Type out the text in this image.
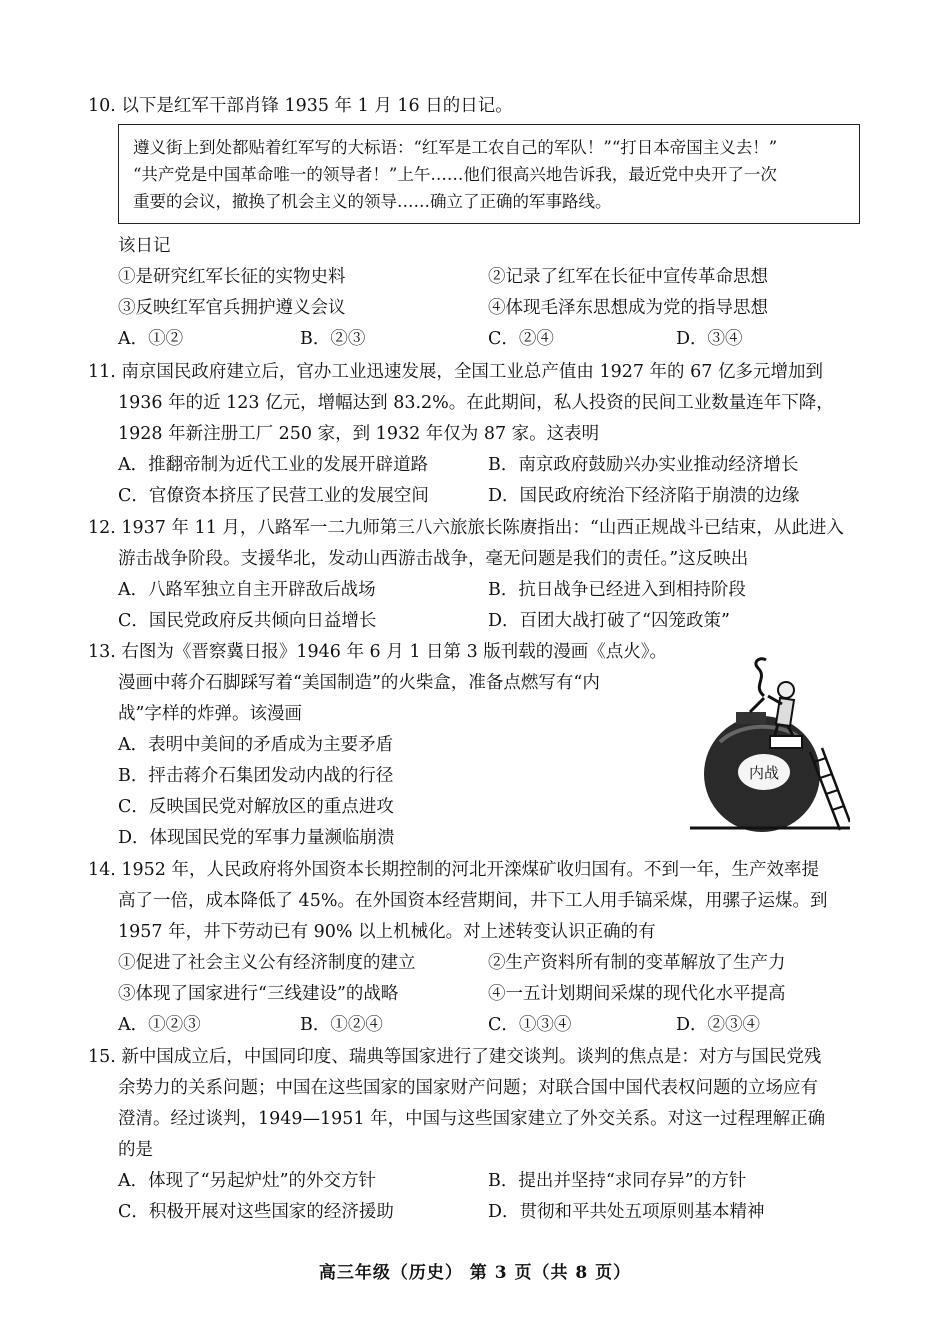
10. 以下是红军干部肖锋 1935 年 1 月 16 日的日记。
遵义街上到处都贴着红军写的大标语：“红军是工农自己的军队！”“打日本帝国主义去！”
“共产党是中国革命唯一的领导者！”上午……他们很高兴地告诉我，最近党中央开了一次
重要的会议，撤换了机会主义的领导……确立了正确的军事路线。
该日记
①是研究红军长征的实物史料	②记录了红军在长征中宣传革命思想
③反映红军官兵拥护遵义会议	④体现毛泽东思想成为党的指导思想
A．①②	B．②③	C．②④	D．③④
11. 南京国民政府建立后，官办工业迅速发展，全国工业总产值由 1927 年的 67 亿多元增加到
1936 年的近 123 亿元，增幅达到 83.2%。在此期间，私人投资的民间工业数量连年下降，
1928 年新注册工厂 250 家，到 1932 年仅为 87 家。这表明
A．推翻帝制为近代工业的发展开辟道路	B．南京政府鼓励兴办实业推动经济增长
C．官僚资本挤压了民营工业的发展空间	D．国民政府统治下经济陷于崩溃的边缘
12. 1937 年 11 月，八路军一二九师第三八六旅旅长陈赓指出：“山西正规战斗已结束，从此进入
游击战争阶段。支援华北，发动山西游击战争，毫无问题是我们的责任。”这反映出
A．八路军独立自主开辟敌后战场	B．抗日战争已经进入到相持阶段
C．国民党政府反共倾向日益增长	D．百团大战打破了“囚笼政策”
13. 右图为《晋察冀日报》1946 年 6 月 1 日第 3 版刊载的漫画《点火》。
漫画中蒋介石脚踩写着“美国制造”的火柴盒，准备点燃写有“内
战”字样的炸弹。该漫画
A．表明中美间的矛盾成为主要矛盾
B．抨击蒋介石集团发动内战的行径
C．反映国民党对解放区的重点进攻
D．体现国民党的军事力量濒临崩溃
内战
14. 1952 年，人民政府将外国资本长期控制的河北开滦煤矿收归国有。不到一年，生产效率提
高了一倍，成本降低了 45%。在外国资本经营期间，井下工人用手镐采煤，用骡子运煤。到
1957 年，井下劳动已有 90% 以上机械化。对上述转变认识正确的有
①促进了社会主义公有经济制度的建立	②生产资料所有制的变革解放了生产力
③体现了国家进行“三线建设”的战略	④一五计划期间采煤的现代化水平提高
A．①②③	B．①②④	C．①③④	D．②③④
15. 新中国成立后，中国同印度、瑞典等国家进行了建交谈判。谈判的焦点是：对方与国民党残
余势力的关系问题；中国在这些国家的国家财产问题；对联合国中国代表权问题的立场应有
澄清。经过谈判，1949—1951 年，中国与这些国家建立了外交关系。对这一过程理解正确
的是
A．体现了“另起炉灶”的外交方针	B．提出并坚持“求同存异”的方针
C．积极开展对这些国家的经济援助	D．贯彻和平共处五项原则基本精神
高三年级（历史） 第 3 页（共 8 页）
